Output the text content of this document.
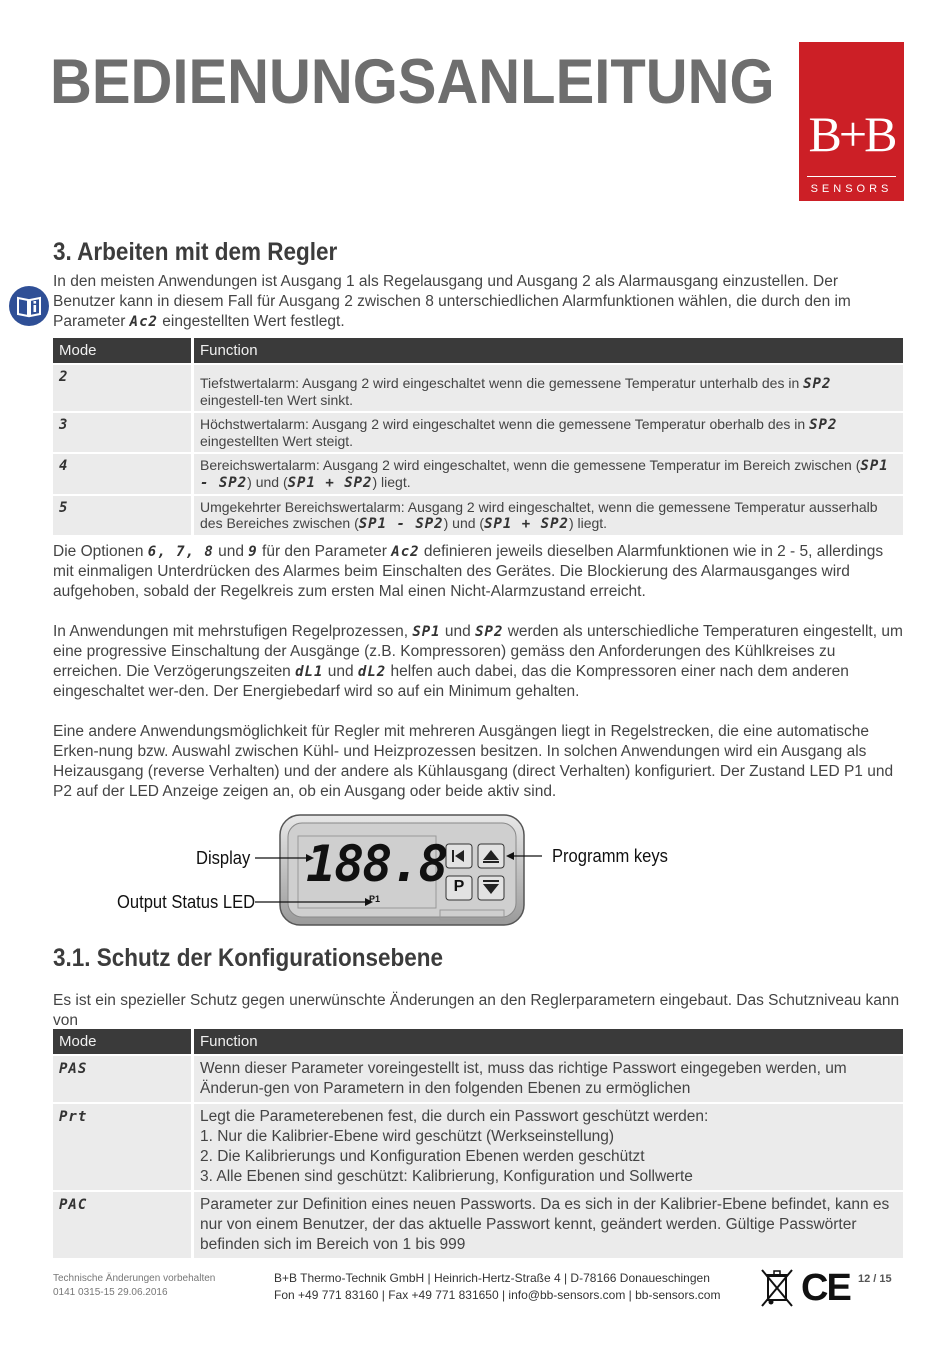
BEDIENUNGSANLEITUNG
B+B
SENSORS
3. Arbeiten mit dem Regler

In den meisten Anwendungen ist Ausgang 1 als Regelausgang und Ausgang 2 als Alarmausgang einzustellen. Der Benutzer kann in diesem Fall für Ausgang 2 zwischen 8 unterschiedlichen Alarmfunktionen wählen, die durch den im Parameter Ac2 eingestellten Wert festlegt.

Mode	Function
2	Tiefstwertalarm: Ausgang 2 wird eingeschaltet wenn die gemessene Temperatur unterhalb des in SP2 eingestell-ten Wert sinkt.
3	Höchstwertalarm: Ausgang 2 wird eingeschaltet wenn die gemessene Temperatur oberhalb des in SP2 eingestellten Wert steigt.
4	Bereichswertalarm: Ausgang 2 wird eingeschaltet, wenn die gemessene Temperatur im Bereich zwischen (SP1 - SP2) und (SP1 + SP2) liegt.
5	Umgekehrter Bereichswertalarm: Ausgang 2 wird eingeschaltet, wenn die gemessene Temperatur ausserhalb des Bereiches zwischen (SP1 - SP2) und (SP1 + SP2) liegt.

Die Optionen 6, 7, 8 und 9 für den Parameter Ac2 definieren jeweils dieselben Alarmfunktionen wie in 2 - 5, allerdings mit einmaligen Unterdrücken des Alarmes beim Einschalten des Gerätes. Die Blockierung des Alarmausganges wird aufgehoben, sobald der Regelkreis zum ersten Mal einen Nicht-Alarmzustand erreicht.

In Anwendungen mit mehrstufigen Regelprozessen, SP1 und SP2 werden als unterschiedliche Temperaturen eingestellt, um eine progressive Einschaltung der Ausgänge (z.B. Kompressoren) gemäss den Anforderungen des Kühlkreises zu erreichen. Die Verzögerungszeiten dL1 und dL2 helfen auch dabei, das die Kompressoren einer nach dem anderen eingeschaltet wer-den. Der Energiebedarf wird so auf ein Minimum gehalten.

Eine andere Anwendungsmöglichkeit für Regler mit mehreren Ausgängen liegt in Regelstrecken, die eine automatische Erken-nung bzw. Auswahl zwischen Kühl- und Heizprozessen besitzen. In solchen Anwendungen wird ein Ausgang als Heizausgang (reverse Verhalten) und der andere als Kühlausgang (direct Verhalten) konfiguriert. Der Zustand LED P1 und P2 auf der LED Anzeige zeigen an, ob ein Ausgang oder beide aktiv sind.

188.8
P1
P
Display
Output Status LED
Programm keys
3.1. Schutz der Konfigurationsebene

Es ist ein spezieller Schutz gegen unerwünschte Änderungen an den Reglerparametern eingebaut. Das Schutzniveau kann von

Mode	Function
PAS	Wenn dieser Parameter voreingestellt ist, muss das richtige Passwort eingegeben werden, um Änderun-gen von Parametern in den folgenden Ebenen zu ermöglichen
Prt	Legt die Parameterebenen fest, die durch ein Passwort geschützt werden:
1. Nur die Kalibrier-Ebene wird geschützt (Werkseinstellung)
2. Die Kalibrierungs und Konfiguration Ebenen werden geschützt
3. Alle Ebenen sind geschützt: Kalibrierung, Konfiguration und Sollwerte

PAC	Parameter zur Definition eines neuen Passworts. Da es sich in der Kalibrier-Ebene befindet, kann es nur von einem Benutzer, der das aktuelle Passwort kennt, geändert werden. Gültige Passwörter befinden sich im Bereich von 1 bis 999
Technische Änderungen vorbehalten
0141 0315-15 29.06.2016
B+B Thermo-Technik GmbH | Heinrich-Hertz-Straße 4 | D-78166 Donaueschingen
Fon +49 771 83160 | Fax +49 771 831650 | info@bb-sensors.com | bb-sensors.com CE 12 / 15
